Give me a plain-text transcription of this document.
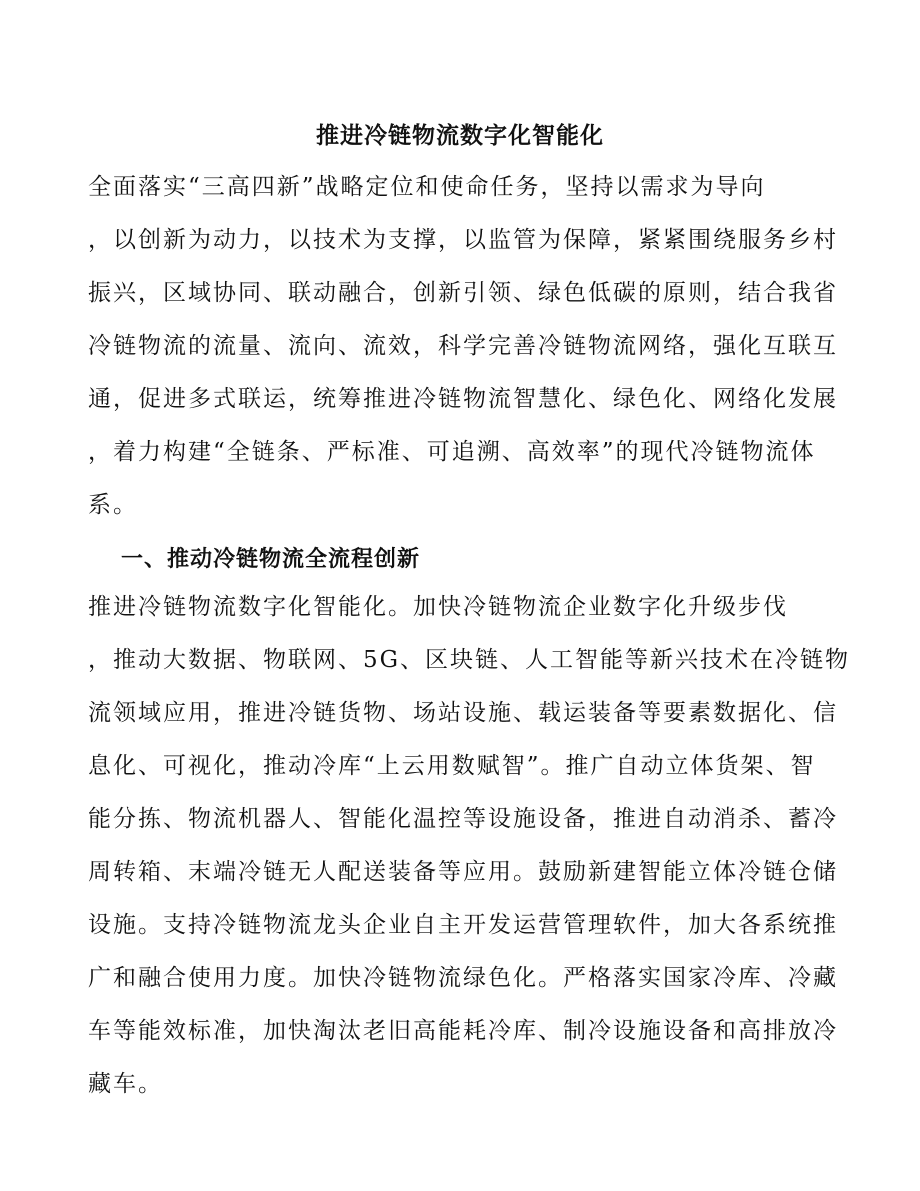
推进冷链物流数字化智能化
全面落实“三高四新”战略定位和使命任务，坚持以需求为导向
，以创新为动力，以技术为支撑，以监管为保障，紧紧围绕服务乡村
振兴，区域协同、联动融合，创新引领、绿色低碳的原则，结合我省
冷链物流的流量、流向、流效，科学完善冷链物流网络，强化互联互
通，促进多式联运，统筹推进冷链物流智慧化、绿色化、网络化发展
，着力构建“全链条、严标准、可追溯、高效率”的现代冷链物流体
系。
一、推动冷链物流全流程创新
推进冷链物流数字化智能化。加快冷链物流企业数字化升级步伐
，推动大数据、物联网、5G、区块链、人工智能等新兴技术在冷链物
流领域应用，推进冷链货物、场站设施、载运装备等要素数据化、信
息化、可视化，推动冷库“上云用数赋智”。推广自动立体货架、智
能分拣、物流机器人、智能化温控等设施设备，推进自动消杀、蓄冷
周转箱、末端冷链无人配送装备等应用。鼓励新建智能立体冷链仓储
设施。支持冷链物流龙头企业自主开发运营管理软件，加大各系统推
广和融合使用力度。加快冷链物流绿色化。严格落实国家冷库、冷藏
车等能效标准，加快淘汰老旧高能耗冷库、制冷设施设备和高排放冷
藏车。
